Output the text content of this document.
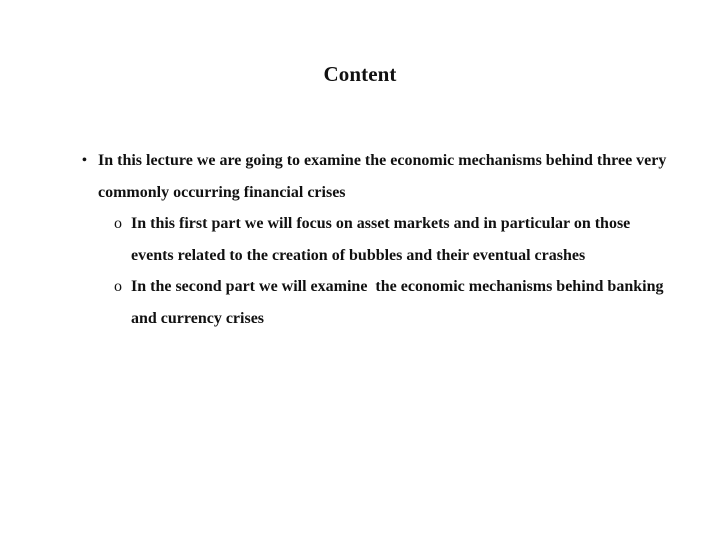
Content
• In this lecture we are going to examine the economic mechanisms behind three very commonly occurring financial crises
o In this first part we will focus on asset markets and in particular on those events related to the creation of bubbles and their eventual crashes
o In the second part we will examine  the economic mechanisms behind banking and currency crises
